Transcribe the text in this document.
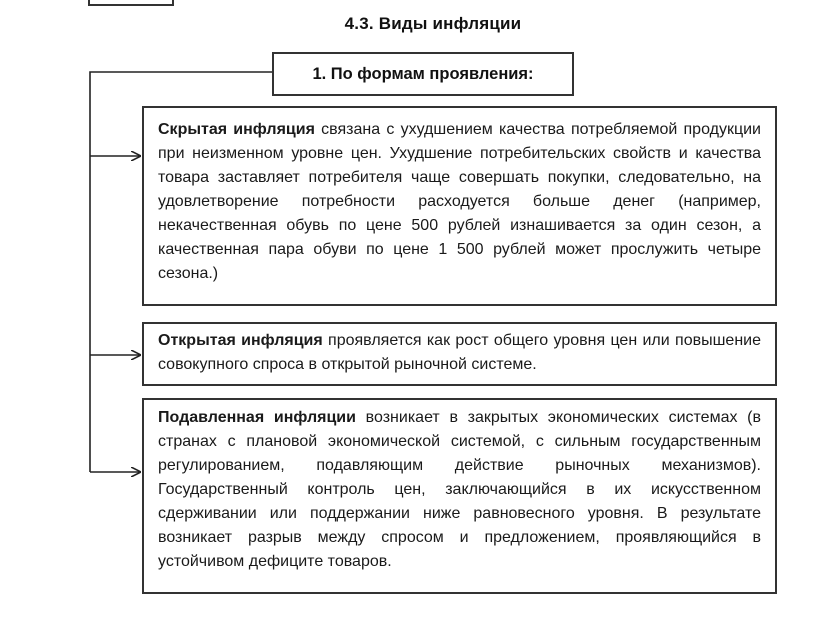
4.3. Виды инфляции
1. По формам проявления:
Скрытая инфляция связана с ухудшением качества потребляемой продукции при неизменном уровне цен. Ухудшение потребительских свойств и качества товара заставляет потребителя чаще совершать покупки, следовательно, на удовлетворение потребности расходуется больше денег (например, некачественная обувь по цене 500 рублей изнашивается за один сезон, а качественная пара обуви по цене 1 500 рублей может прослужить четыре сезона.)
Открытая инфляция проявляется как рост общего уровня цен или повышение совокупного спроса в открытой рыночной системе.
Подавленная инфляции возникает в закрытых экономических системах (в странах с плановой экономической системой, с сильным государственным регулированием, подавляющим действие рыночных механизмов). Государственный контроль цен, заключающийся в их искусственном сдерживании или поддержании ниже равновесного уровня. В результате возникает разрыв между спросом и предложением, проявляющийся в устойчивом дефиците товаров.
